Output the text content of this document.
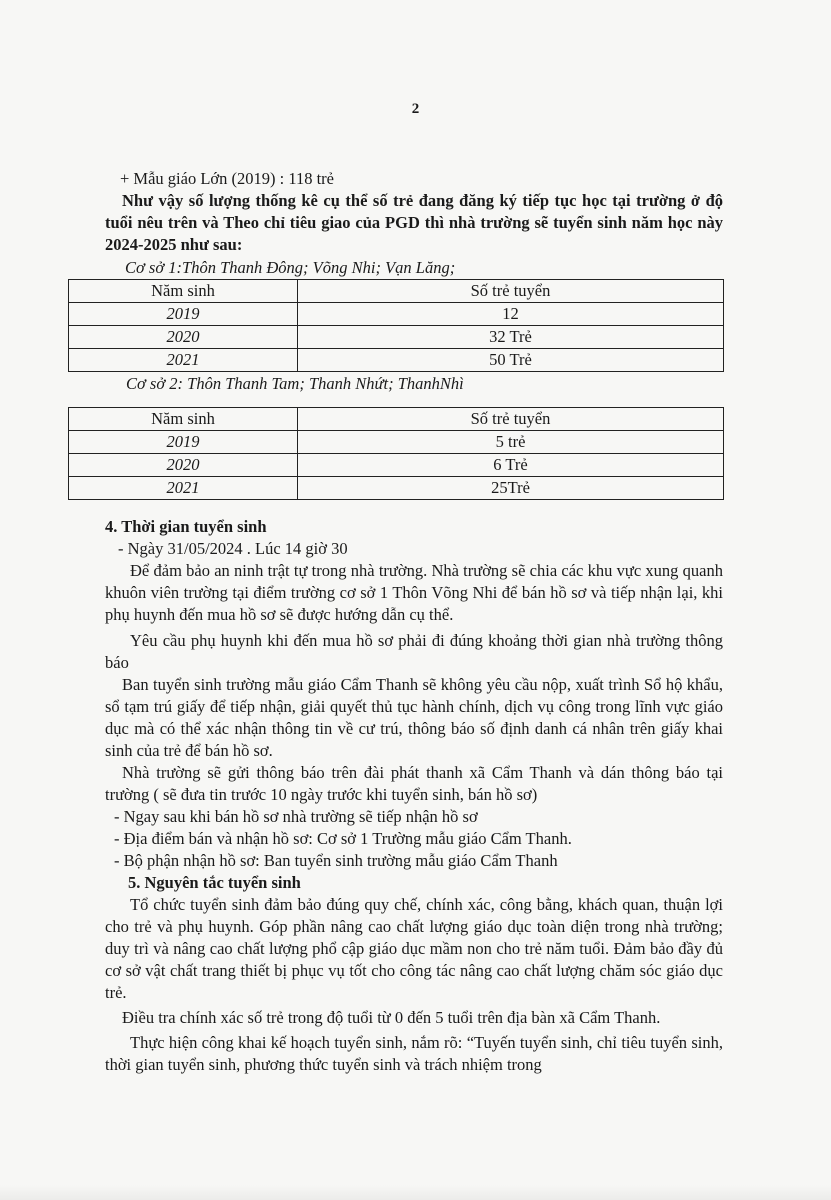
2

+ Mẫu giáo Lớn (2019) : 118 trẻ

Như vậy số lượng thống kê cụ thể số trẻ đang đăng ký tiếp tục học tại trường ở độ tuổi nêu trên và Theo chỉ tiêu giao của PGD thì nhà trường sẽ tuyển sinh năm học này 2024-2025 như sau:

Cơ sở 1:Thôn Thanh Đông; Võng Nhi; Vạn Lăng;

Năm sinh	Số trẻ tuyển
2019	12
2020	32 Trẻ
2021	50 Trẻ

Cơ sở 2: Thôn Thanh Tam; Thanh Nhứt; ThanhNhì

Năm sinh	Số trẻ tuyển
2019	5 trẻ
2020	6 Trẻ
2021	25Trẻ

4. Thời gian tuyển sinh

- Ngày 31/05/2024 . Lúc 14 giờ 30

Để đảm bảo an ninh trật tự trong nhà trường. Nhà trường sẽ chia các khu vực xung quanh khuôn viên trường tại điểm trường cơ sở 1 Thôn Võng Nhi để bán hồ sơ và tiếp nhận lại, khi phụ huynh đến mua hồ sơ sẽ được hướng dẫn cụ thể.

Yêu cầu phụ huynh khi đến mua hồ sơ phải đi đúng khoảng thời gian nhà trường thông báo

Ban tuyển sinh trường mẫu giáo Cẩm Thanh sẽ không yêu cầu nộp, xuất trình Sổ hộ khẩu, sổ tạm trú giấy để tiếp nhận, giải quyết thủ tục hành chính, dịch vụ công trong lĩnh vực giáo dục mà có thể xác nhận thông tin về cư trú, thông báo số định danh cá nhân trên giấy khai sinh của trẻ để bán hồ sơ.

Nhà trường sẽ gửi thông báo trên đài phát thanh xã Cẩm Thanh và dán thông báo tại trường ( sẽ đưa tin trước 10 ngày trước khi tuyển sinh, bán hồ sơ)

- Ngay sau khi bán hồ sơ nhà trường sẽ tiếp nhận hồ sơ

- Địa điểm bán và nhận hồ sơ: Cơ sở 1 Trường mẫu giáo Cẩm Thanh.

- Bộ phận nhận hồ sơ: Ban tuyển sinh trường mẫu giáo Cẩm Thanh

5. Nguyên tắc tuyển sinh

Tổ chức tuyển sinh đảm bảo đúng quy chế, chính xác, công bằng, khách quan, thuận lợi cho trẻ và phụ huynh. Góp phần nâng cao chất lượng giáo dục toàn diện trong nhà trường; duy trì và nâng cao chất lượng phổ cập giáo dục mầm non cho trẻ năm tuổi. Đảm bảo đầy đủ cơ sở vật chất trang thiết bị phục vụ tốt cho công tác nâng cao chất lượng chăm sóc giáo dục trẻ.

Điều tra chính xác số trẻ trong độ tuổi từ 0 đến 5 tuổi trên địa bàn xã Cẩm Thanh.

Thực hiện công khai kế hoạch tuyển sinh, nắm rõ: “Tuyến tuyển sinh, chỉ tiêu tuyển sinh, thời gian tuyển sinh, phương thức tuyển sinh và trách nhiệm trong
